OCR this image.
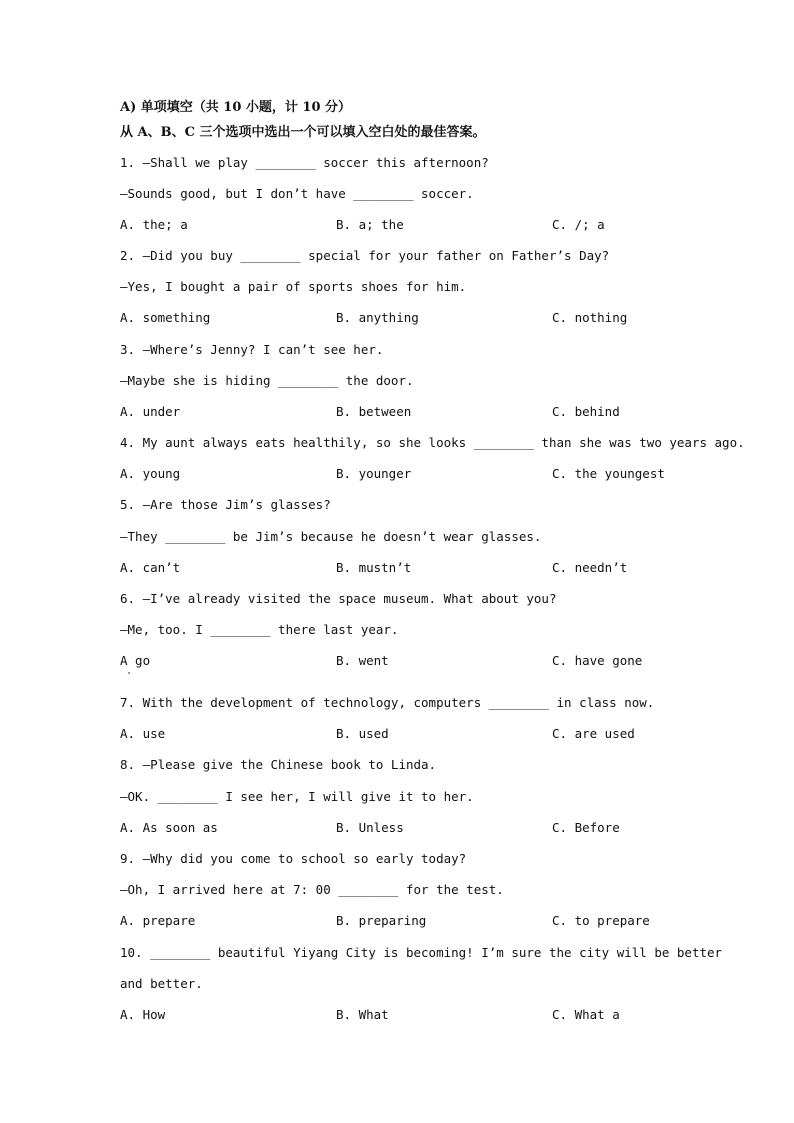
A) 单项填空（共 10 小题，计 10 分）
从 A、B、C 三个选项中选出一个可以填入空白处的最佳答案。
1. —Shall we play ________ soccer this afternoon?
—Sounds good, but I don’t have ________ soccer.
A. the; a	B. a; the	C. /; a
2. —Did you buy ________ special for your father on Father’s Day?
—Yes, I bought a pair of sports shoes for him.
A. something	B. anything	C. nothing
3. —Where’s Jenny? I can’t see her.
—Maybe she is hiding ________ the door.
A. under	B. between	C. behind
4. My aunt always eats healthily, so she looks ________ than she was two years ago.
A. young	B. younger	C. the youngest
5. —Are those Jim’s glasses?
—They ________ be Jim’s because he doesn’t wear glasses.
A. can’t	B. mustn’t	C. needn’t
6. —I’ve already visited the space museum. What about you?
—Me, too. I ________ there last year.
A go	B. went	C. have gone
7. With the development of technology, computers ________ in class now.
A. use	B. used	C. are used
8. —Please give the Chinese book to Linda.
—OK. ________ I see her, I will give it to her.
A. As soon as	B. Unless	C. Before
9. —Why did you come to school so early today?
—Oh, I arrived here at 7: 00 ________ for the test.
A. prepare	B. preparing	C. to prepare
10. ________ beautiful Yiyang City is becoming! I’m sure the city will be better
and better.
A. How	B. What	C. What a
